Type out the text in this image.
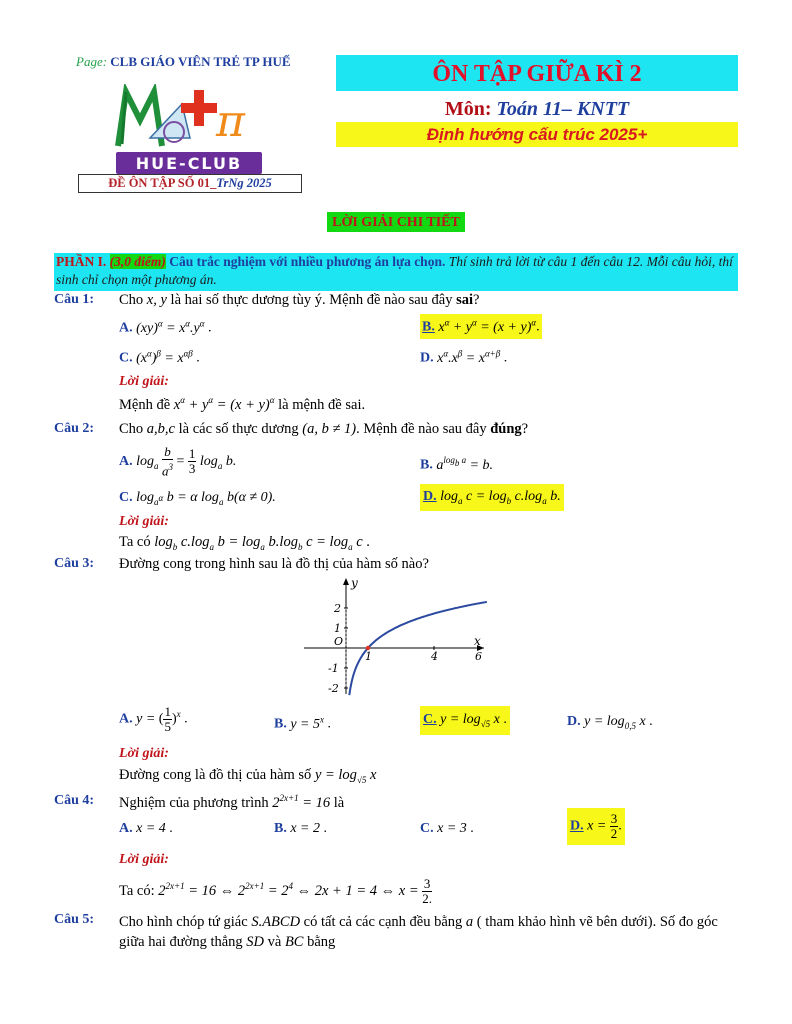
Page: CLB GIÁO VIÊN TRẺ TP HUẾ
π
HUE-CLUB
ĐỀ ÔN TẬP SỐ 01_TrNg 2025
ÔN TẬP GIỮA KÌ 2
Môn: Toán 11– KNTT
Định hướng cấu trúc 2025+
LỜI GIẢI CHI TIẾT
PHẦN I. (3,0 điểm) Câu trắc nghiệm với nhiều phương án lựa chọn. Thí sinh trả lời từ câu 1 đến câu 12. Mỗi câu hỏi, thí sinh chỉ chọn một phương án.
Câu 1: Cho x, y là hai số thực dương tùy ý. Mệnh đề nào sau đây sai?
A. $(xy)^\alpha = x^\alpha.y^\alpha$ .	B. $x^\alpha + y^\alpha = (x + y)^\alpha$.
C. $(x^\alpha)^\beta = x^{\alpha\beta}$ .	D. $x^\alpha.x^\beta = x^{\alpha+\beta}$ .
Lời giải:
Mệnh đề $x^\alpha + y^\alpha = (x + y)^\alpha$ là mệnh đề sai.
Câu 2: Cho a,b,c là các số thực dương (a, b ≠ 1). Mệnh đề nào sau đây đúng?
A. $\log_a \frac{b}{a^3} = \frac{1}{3} \log_a b$.	B. $a^{log_b a} = b$.
C. $\log_{a^\alpha} b = \alpha$ $\log_a b(\alpha \ne 0)$.	D. $\log_a c = \log_b c.\log_a$ b.
Lời giải:
Ta có $\log_b c.\log_a$ $b = \log_a b.\log_b$ $c = \log_a c$ .
Câu 3: Đường cong trong hình sau là đồ thị của hàm số nào?
x
y
O
1	4	6
2
1
-1
-2
A. y = ( $\frac{1}{5} )^x$ .	B. $y = 5^x$ .	C. $y = \log_{√5} x$ .	D. $y = \log_{0,5} x$ .
Lời giải:
Đường cong là đồ thị của hàm số $y = \log_{√5} x$
Câu 4: Nghiệm của phương trình $2^{2x+1} = 16$ là
A. x = 4 .	B. x = 2 .	C. x = 3 .	D. $x = \frac{3}{2}$ .
Lời giải:
Ta có: $2^{2x+1} = 16$ ⇔ $2^{2x+1} = 2^4$ ⇔ 2x + 1 = 4 ⇔ $x = \frac{3}{2.}$
Câu 5: Cho hình chóp tứ giác S.ABCD có tất cả các cạnh đều bằng a ( tham khảo hình vẽ bên dưới). Số đo góc giữa hai đường thẳng SD và BC bằng
